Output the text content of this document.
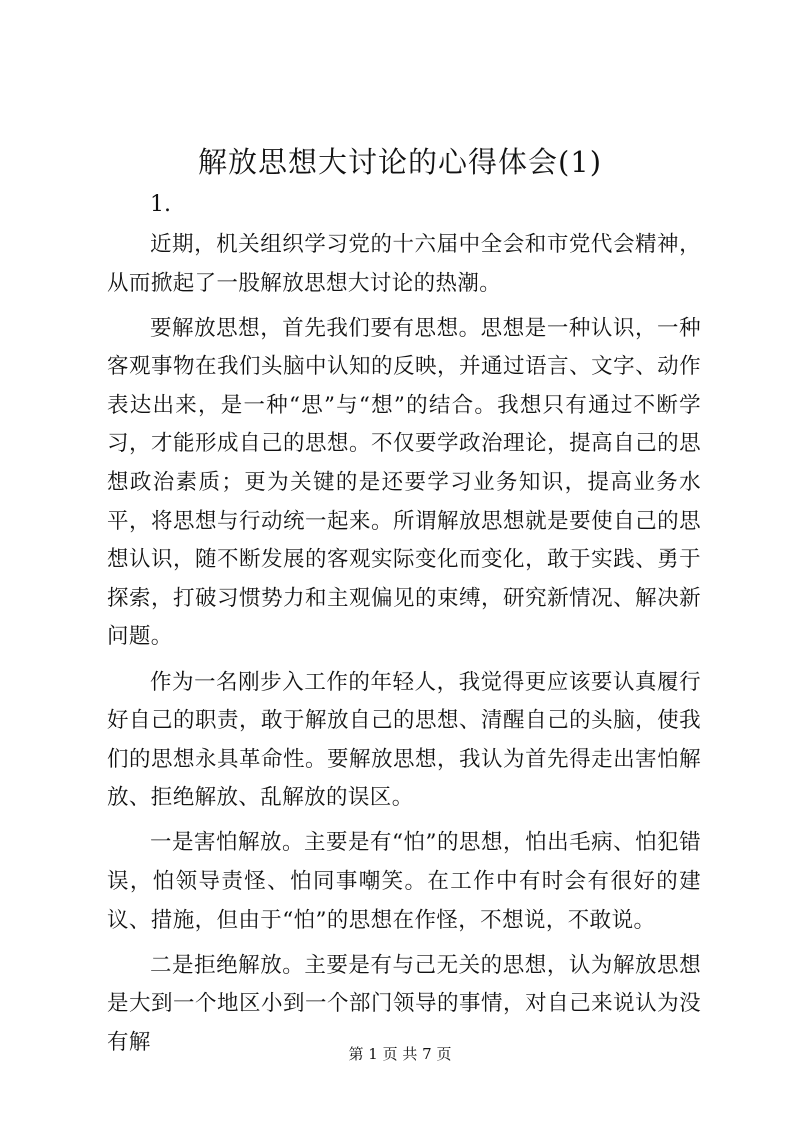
解放思想大讨论的心得体会(1)

1.

近期，机关组织学习党的十六届中全会和市党代会精神，从而掀起了一股解放思想大讨论的热潮。

要解放思想，首先我们要有思想。思想是一种认识，一种客观事物在我们头脑中认知的反映，并通过语言、文字、动作表达出来，是一种“思”与“想”的结合。我想只有通过不断学习，才能形成自己的思想。不仅要学政治理论，提高自己的思想政治素质；更为关键的是还要学习业务知识，提高业务水平，将思想与行动统一起来。所谓解放思想就是要使自己的思想认识，随不断发展的客观实际变化而变化，敢于实践、勇于探索，打破习惯势力和主观偏见的束缚，研究新情况、解决新问题。

作为一名刚步入工作的年轻人，我觉得更应该要认真履行好自己的职责，敢于解放自己的思想、清醒自己的头脑，使我们的思想永具革命性。要解放思想，我认为首先得走出害怕解放、拒绝解放、乱解放的误区。

一是害怕解放。主要是有“怕”的思想，怕出毛病、怕犯错误，怕领导责怪、怕同事嘲笑。在工作中有时会有很好的建议、措施，但由于“怕”的思想在作怪，不想说，不敢说。

二是拒绝解放。主要是有与己无关的思想，认为解放思想是大到一个地区小到一个部门领导的事情，对自己来说认为没有解	第 1 页 共 7 页
